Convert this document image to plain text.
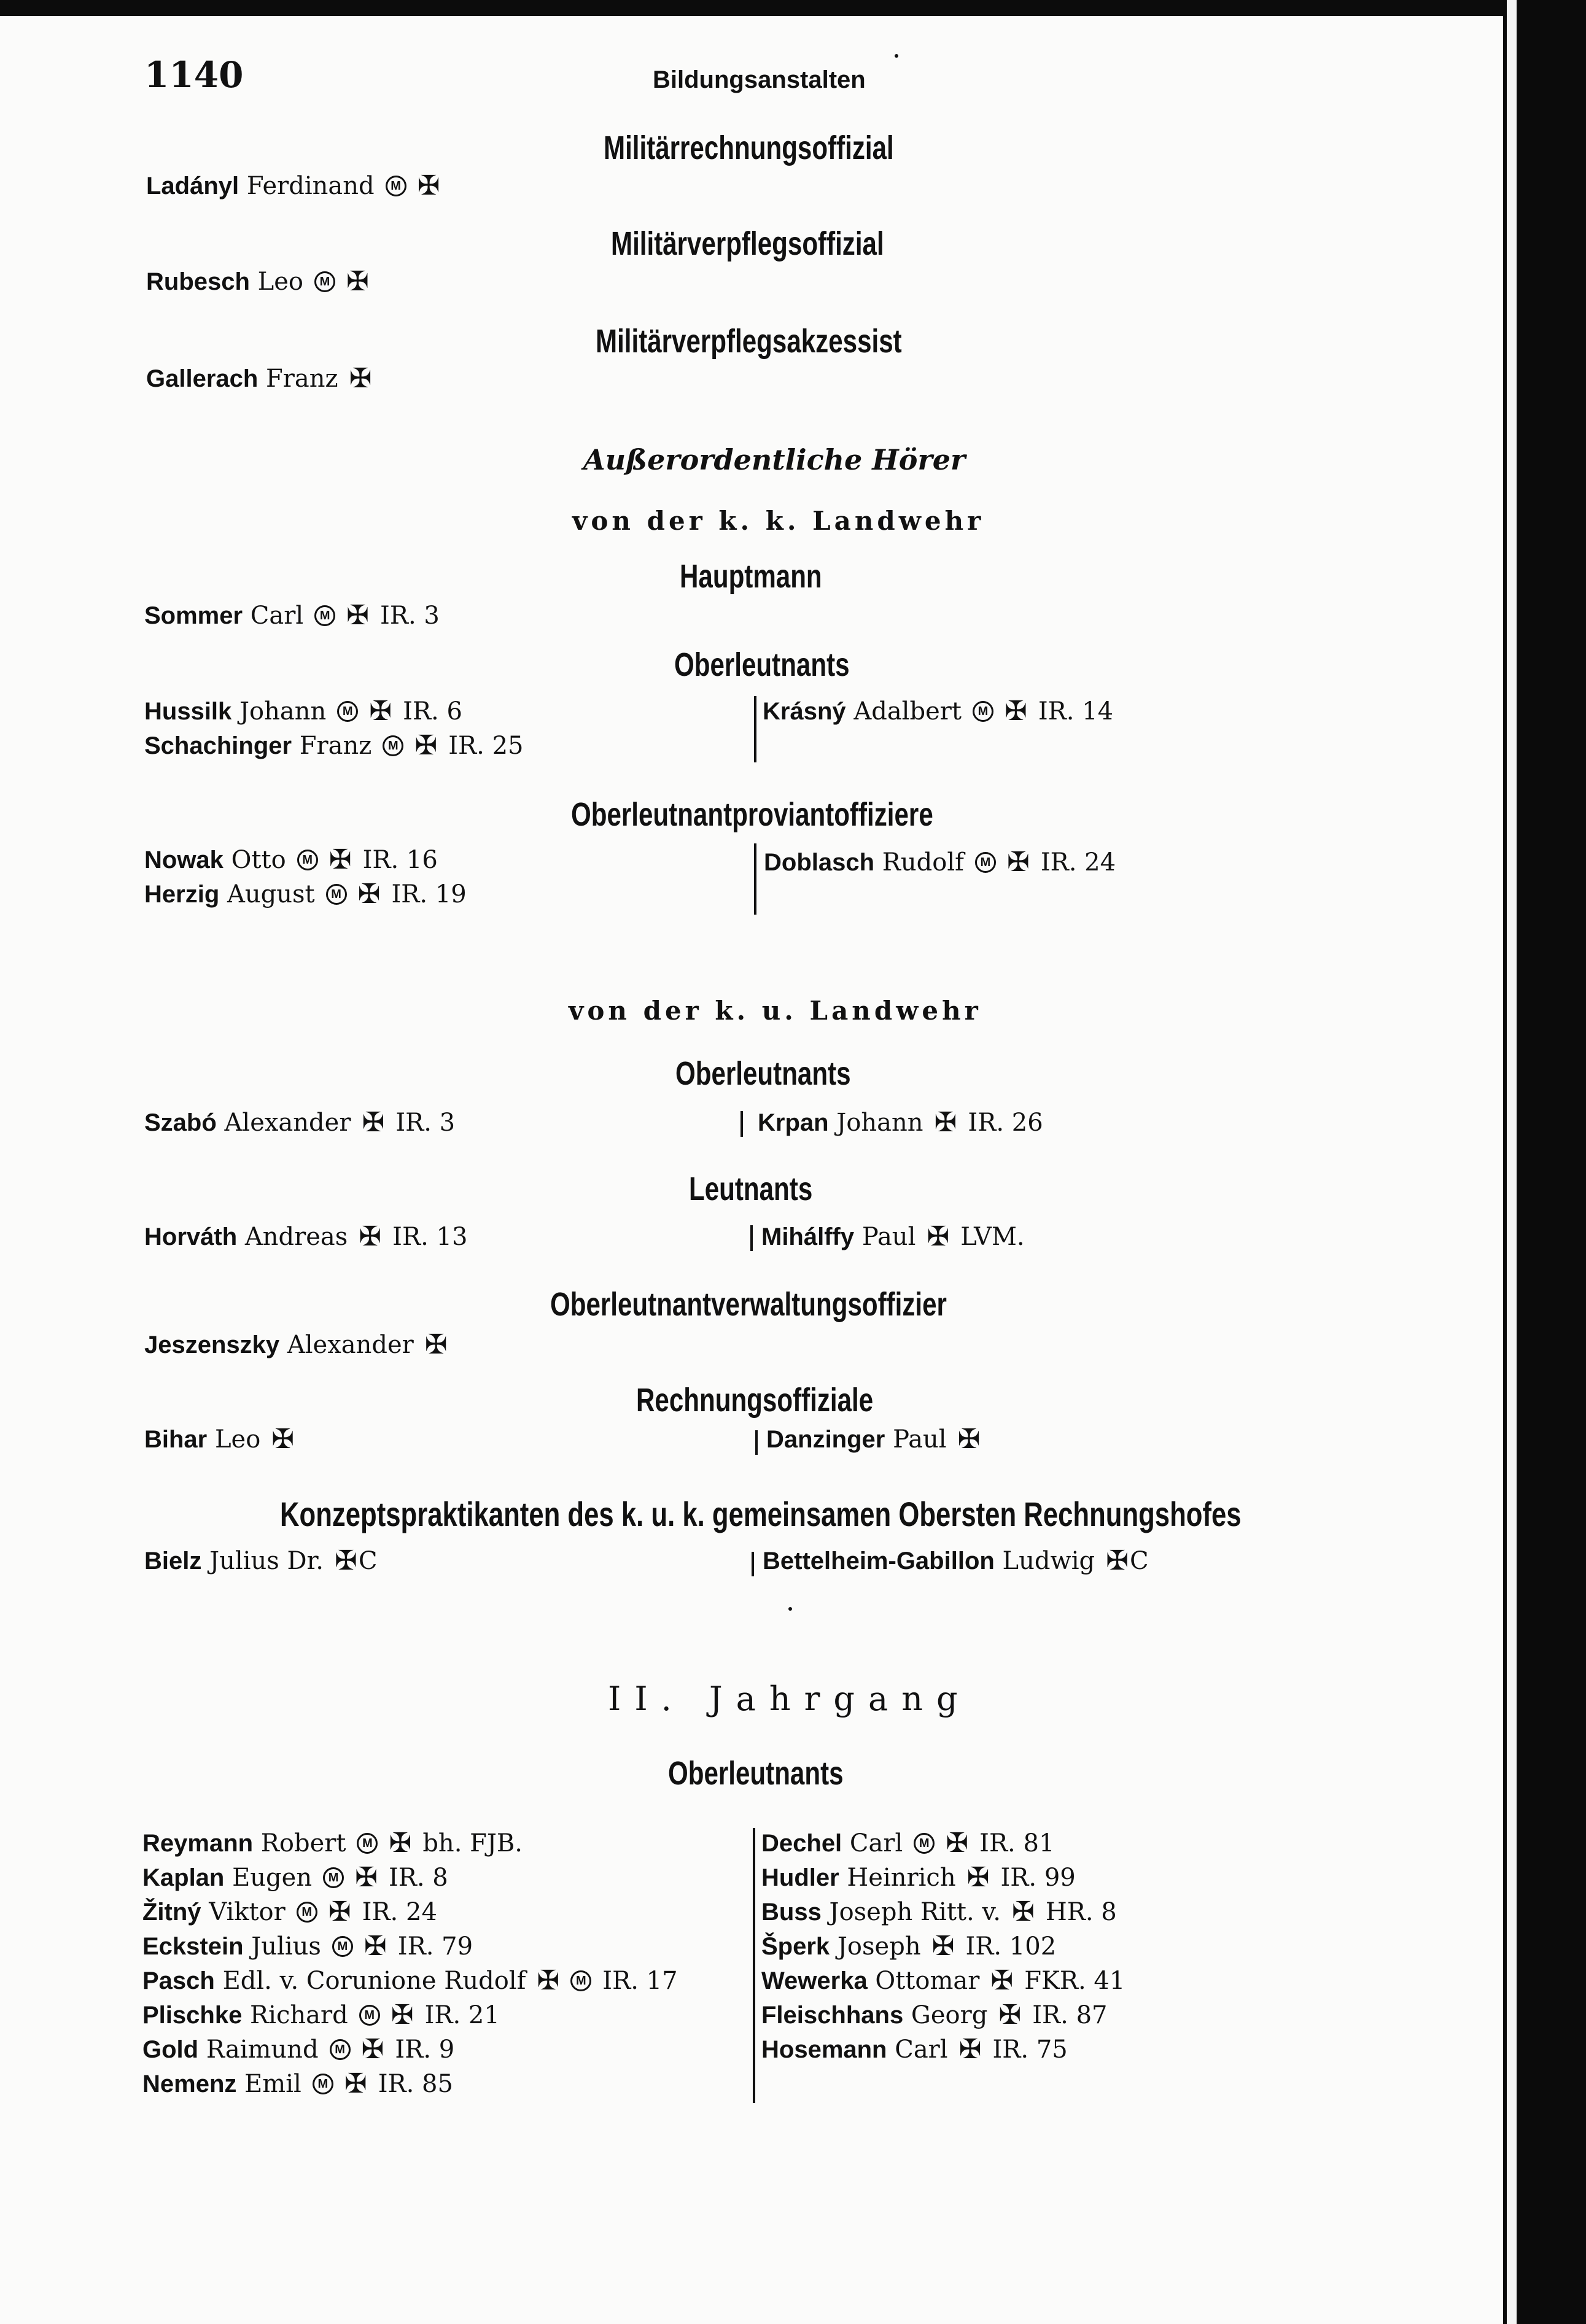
1140	Bildungsanstalten
Militärrechnungsoffizial
Ladányl Ferdinand	M ✠
Militärverpflegsoffizial
Rubesch Leo	M ✠
Militärverpflegsakzessist
Gallerach Franz ✠
Außerordentliche Hörer
von der k. k. Landwehr
Hauptmann
Sommer Carl	M ✠ IR. 3
Oberleutnants
Hussilk Johann	M ✠ IR. 6
Schachinger Franz	M ✠ IR. 25
Krásný Adalbert	M ✠ IR. 14
Oberleutnantproviantoffiziere
Nowak Otto	M ✠ IR. 16
Herzig August	M ✠ IR. 19
Doblasch Rudolf	M ✠ IR. 24
von der k. u. Landwehr
Oberleutnants
Szabó Alexander ✠ IR. 3	Krpan Johann ✠ IR. 26
Leutnants
Horváth Andreas ✠ IR. 13	Mihálffy Paul ✠ LVM.
Oberleutnantverwaltungsoffizier
Jeszenszky Alexander ✠
Rechnungsoffiziale
Bihar Leo ✠	Danzinger Paul ✠
Konzeptspraktikanten des k. u. k. gemeinsamen Obersten Rechnungshofes
Bielz Julius Dr. ✠ C	Bettelheim-Gabillon Ludwig ✠ C
II. Jahrgang
Oberleutnants
Reymann Robert	M ✠ bh. FJB.
Kaplan Eugen	M ✠ IR. 8
Žitný Viktor	M ✠ IR. 24
Eckstein Julius	M ✠ IR. 79
Pasch Edl. v. Corunione Rudolf ✠	M IR. 17
Plischke Richard	M ✠ IR. 21
Gold Raimund	M ✠ IR. 9
Nemenz Emil	M ✠ IR. 85
Dechel Carl	M ✠ IR. 81
Hudler Heinrich ✠ IR. 99
Buss Joseph Ritt. v. ✠ HR. 8
Šperk Joseph ✠ IR. 102
Wewerka Ottomar ✠ FKR. 41
Fleischhans Georg ✠ IR. 87
Hosemann Carl ✠ IR. 75
